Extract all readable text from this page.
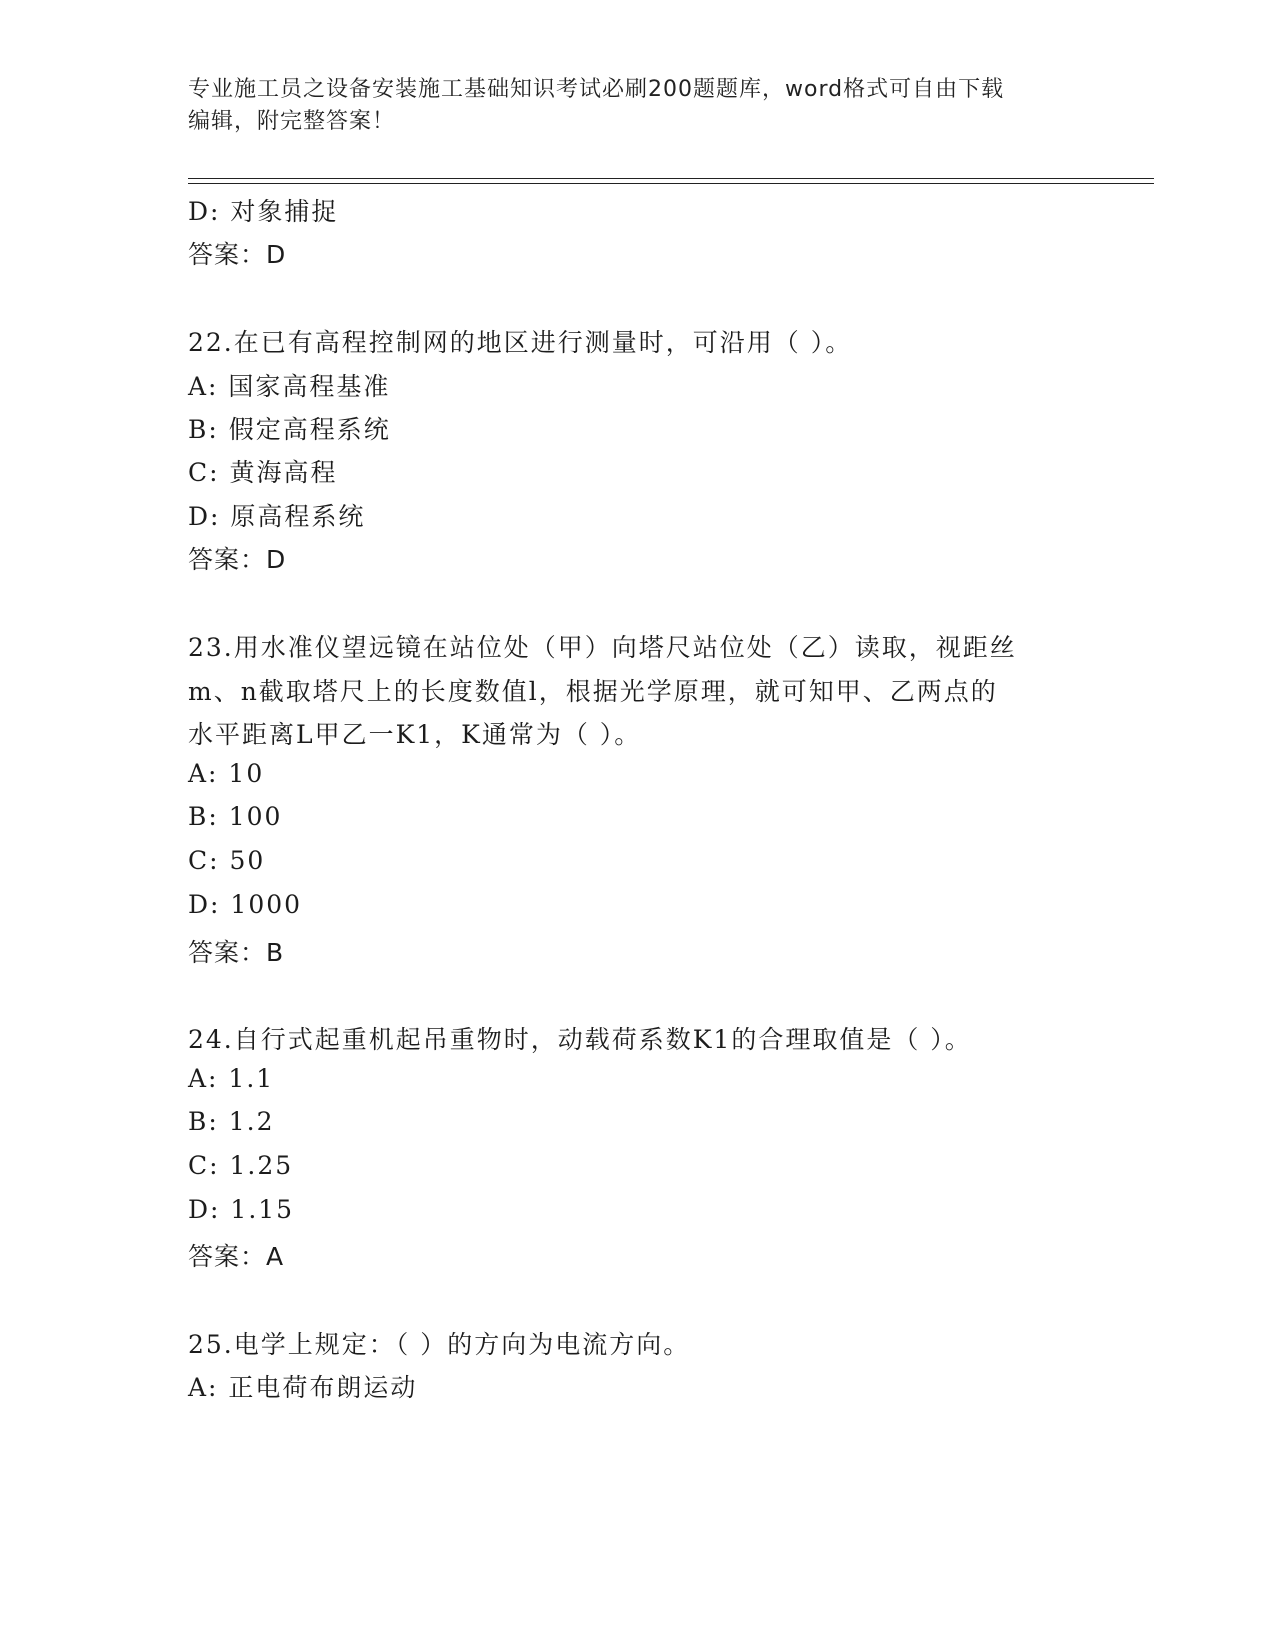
专业施工员之设备安装施工基础知识考试必刷200题题库，word格式可自由下载
编辑，附完整答案！
D: 对象捕捉
答案：D
22.在已有高程控制网的地区进行测量时，可沿用（ ）。
A: 国家高程基准
B: 假定高程系统
C: 黄海高程
D: 原高程系统
答案：D
23.用水准仪望远镜在站位处（甲）向塔尺站位处（乙）读取，视距丝
m、n截取塔尺上的长度数值l，根据光学原理，就可知甲、乙两点的
水平距离L甲乙一K1，K通常为（ ）。
A: 10
B: 100
C: 50
D: 1000
答案：B
24.自行式起重机起吊重物时，动载荷系数K1的合理取值是（ ）。
A: 1.1
B: 1.2
C: 1.25
D: 1.15
答案：A
25.电学上规定：（ ）的方向为电流方向。
A: 正电荷布朗运动
